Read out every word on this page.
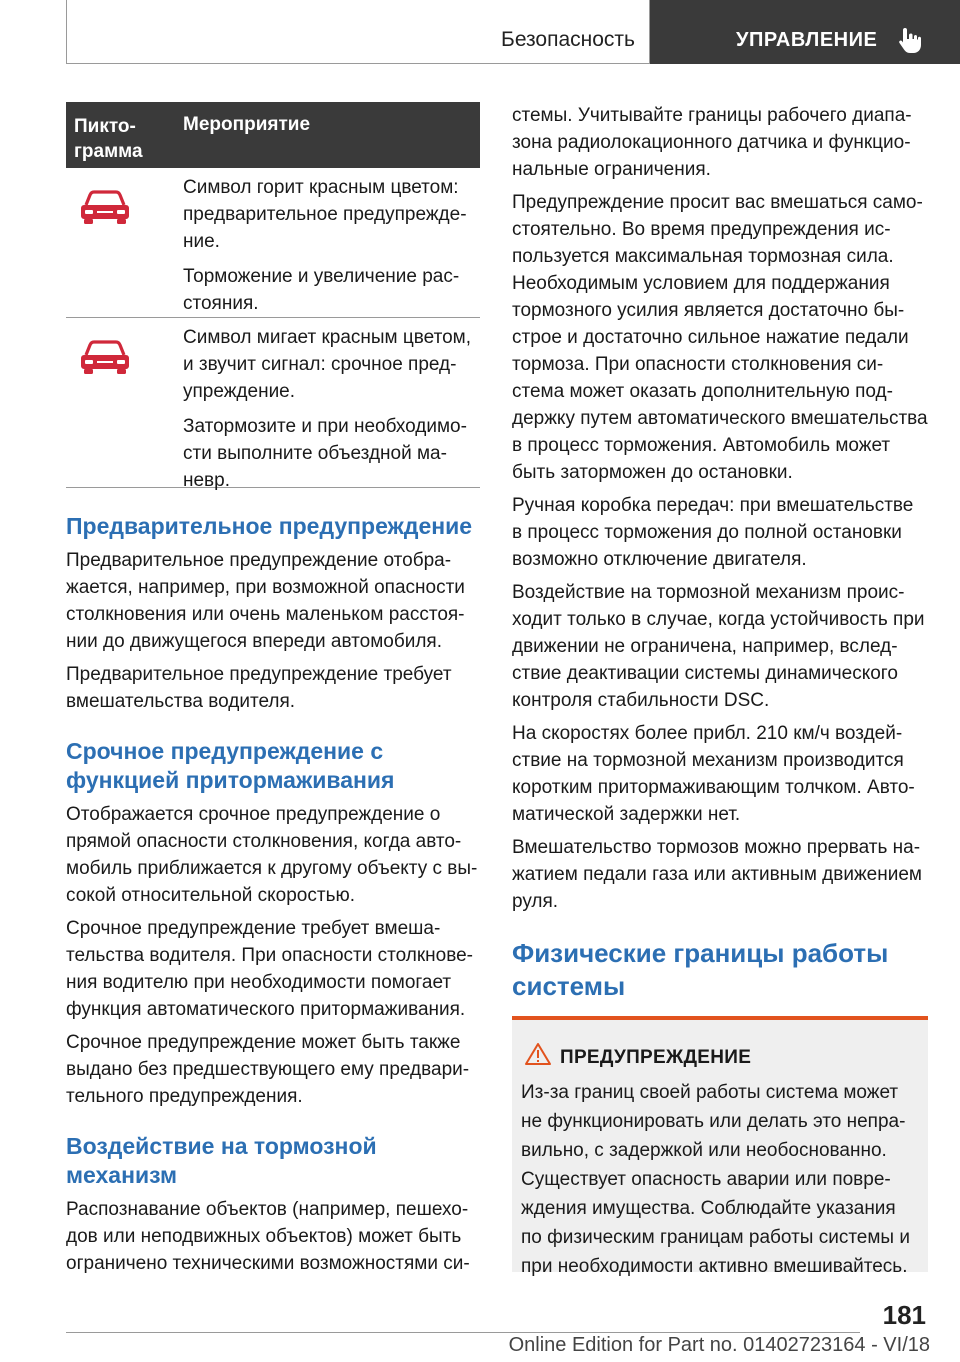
Безопасность	УПРАВЛЕНИЕ
Пикто-
грамма
Мероприятие

Символ горит красным цветом: предварительное предупрежде-ние.

Торможение и увеличение рас-стояния.

Символ мигает красным цветом, и звучит сигнал: срочное пред-упреждение.

Затормозите и при необходимо-сти выполните объездной ма-невр.

Предварительное предупреждение

Предварительное предупреждение отобра-жается, например, при возможной опасности столкновения или очень маленьком расстоя-нии до движущегося впереди автомобиля.

Предварительное предупреждение требует вмешательства водителя.

Срочное предупреждение с функцией притормаживания

Отображается срочное предупреждение о прямой опасности столкновения, когда авто-мобиль приближается к другому объекту с вы-сокой относительной скоростью.

Срочное предупреждение требует вмеша-тельства водителя. При опасности столкнове-ния водителю при необходимости помогает функция автоматического притормаживания.

Срочное предупреждение может быть также выдано без предшествующего ему предвари-тельного предупреждения.

Воздействие на тормозной механизм

Распознавание объектов (например, пешехо-дов или неподвижных объектов) может быть ограничено техническими возможностями си-

стемы. Учитывайте границы рабочего диапа-зона радиолокационного датчика и функцио-нальные ограничения.

Предупреждение просит вас вмешаться само-стоятельно. Во время предупреждения ис-пользуется максимальная тормозная сила. Необходимым условием для поддержания тормозного усилия является достаточно бы-строе и достаточно сильное нажатие педали тормоза. При опасности столкновения си-стема может оказать дополнительную под-держку путем автоматического вмешательства в процесс торможения. Автомобиль может быть заторможен до остановки.

Ручная коробка передач: при вмешательстве в процесс торможения до полной остановки возможно отключение двигателя.

Воздействие на тормозной механизм проис-ходит только в случае, когда устойчивость при движении не ограничена, например, вслед-ствие деактивации системы динамического контроля стабильности DSC.

На скоростях более прибл. 210 км/ч воздей-ствие на тормозной механизм производится коротким притормаживающим толчком. Авто-матической задержки нет.

Вмешательство тормозов можно прервать на-жатием педали газа или активным движением руля.

Физические границы работы системы
ПРЕДУПРЕЖДЕНИЕ

Из-за границ своей работы система может не функционировать или делать это непра-вильно, с задержкой или необоснованно. Существует опасность аварии или повре-ждения имущества. Соблюдайте указания по физическим границам работы системы и при необходимости активно вмешивайтесь.

181
Online Edition for Part no. 01402723164 - VI/18
